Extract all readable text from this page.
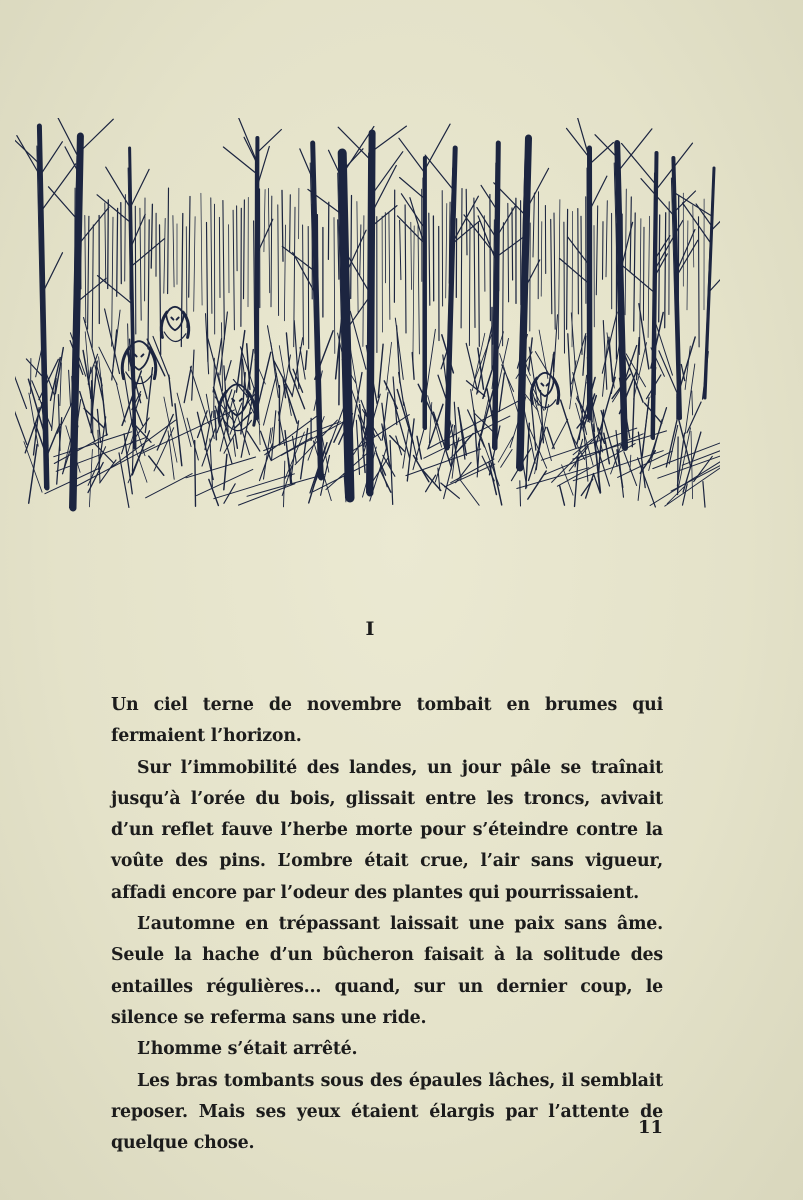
I

Un ciel terne de novembre tombait en brumes qui fermaient l’horizon.

Sur l’immobilité des landes, un jour pâle se traînait jusqu’à l’orée du bois, glissait entre les troncs, avivait d’un reflet fauve l’herbe morte pour s’éteindre contre la voûte des pins. L’ombre était crue, l’air sans vigueur, affadi encore par l’odeur des plantes qui pourrissaient.

L’automne en trépassant laissait une paix sans âme. Seule la hache d’un bûcheron faisait à la solitude des entailles régulières... quand, sur un dernier coup, le silence se referma sans une ride.

L’homme s’était arrêté.

Les bras tombants sous des épaules lâches, il semblait reposer. Mais ses yeux étaient élargis par l’attente de quelque chose.

11
